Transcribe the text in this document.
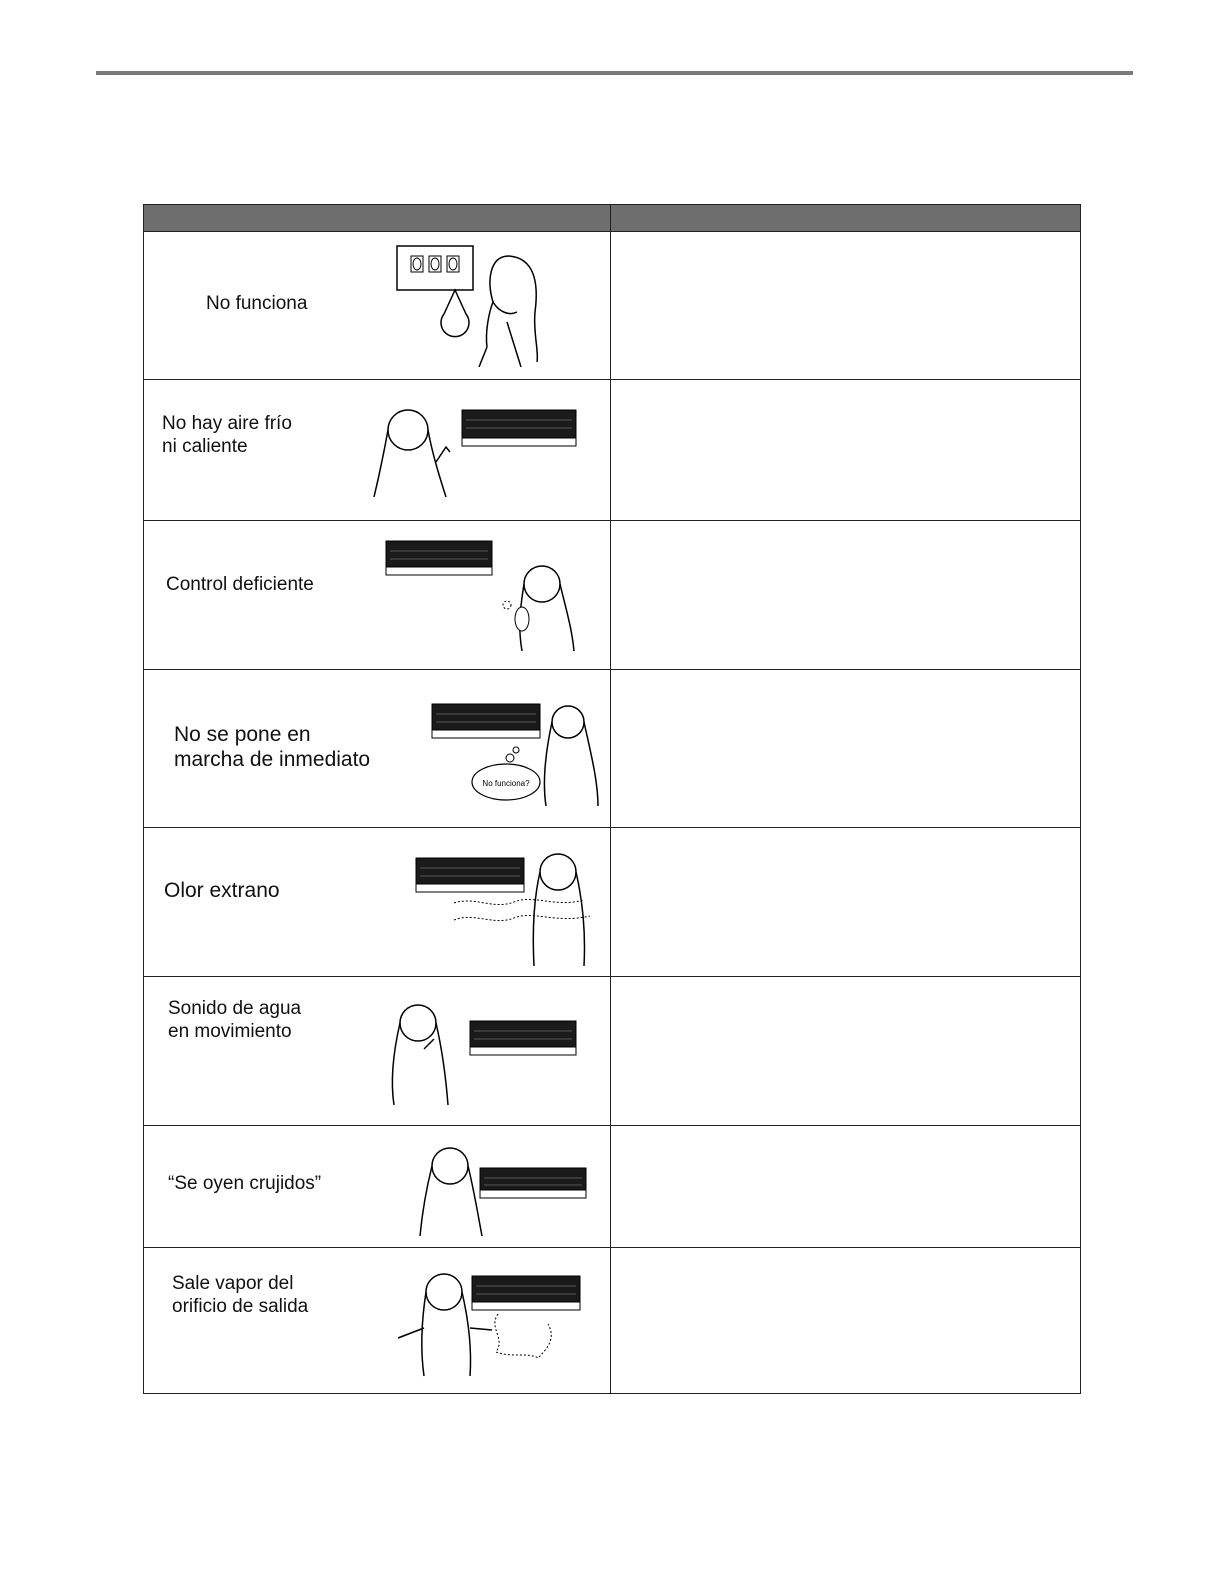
No funciona	

No hay aire frío
ni caliente	

Control deficiente	

No se pone en
marcha de inmediato
No funciona?	

Olor extrano	

Sonido de agua
en movimiento	

“Se oyen crujidos”	

Sale vapor del
orificio de salida	
